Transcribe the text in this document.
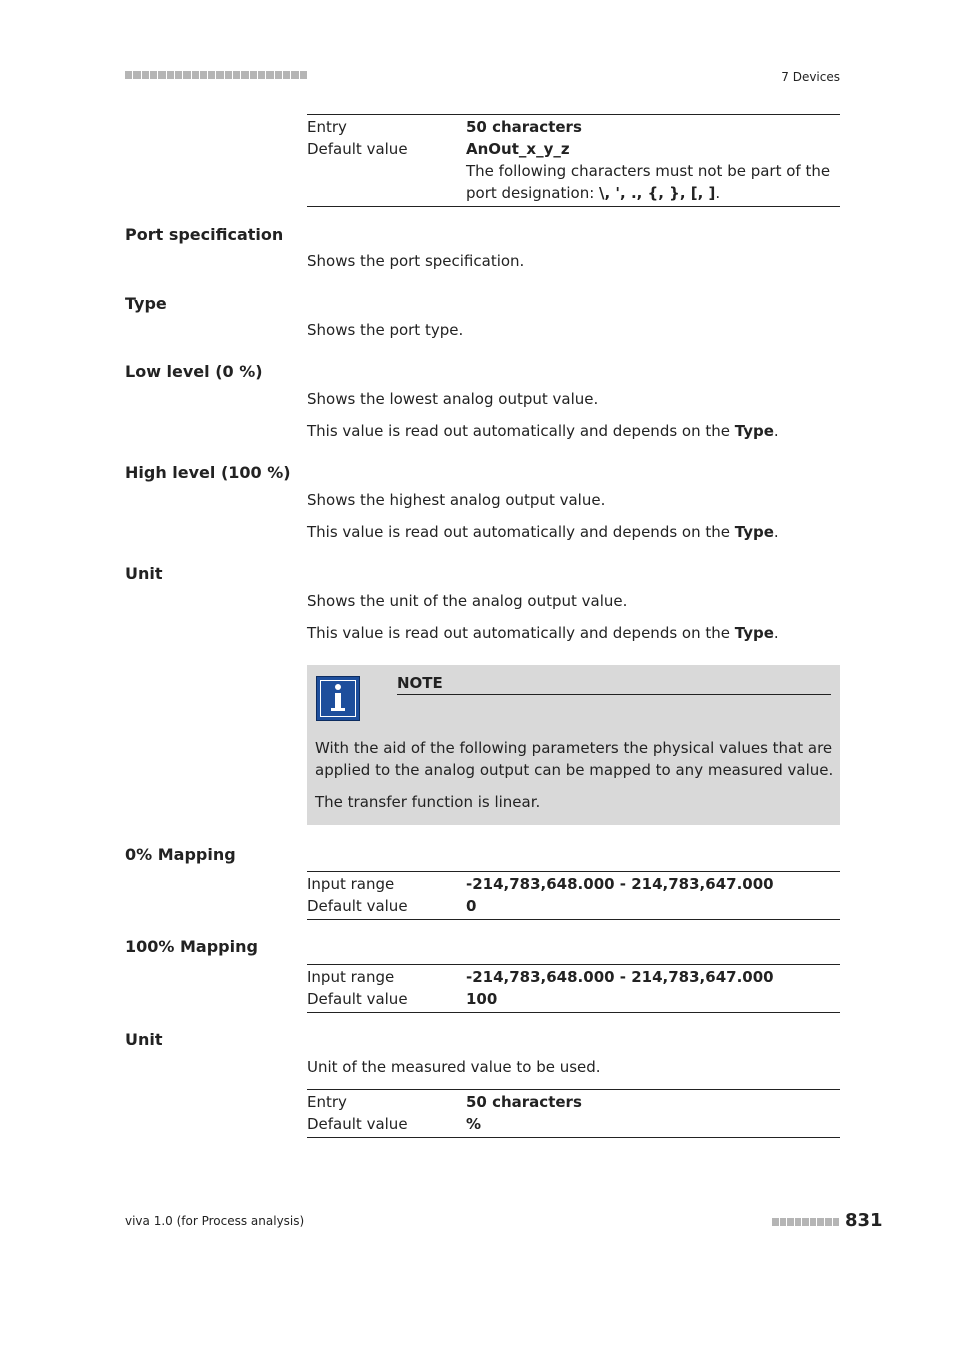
7 Devices
Entry	50 characters
Default value	AnOut_x_y_z
The following characters must not be part of the
port designation: \, ', ., {, }, [, ].
Port specification
Shows the port specification.
Type
Shows the port type.
Low level (0 %)
Shows the lowest analog output value.
This value is read out automatically and depends on the Type.
High level (100 %)
Shows the highest analog output value.
This value is read out automatically and depends on the Type.
Unit
Shows the unit of the analog output value.
This value is read out automatically and depends on the Type.
NOTE
With the aid of the following parameters the physical values that are
applied to the analog output can be mapped to any measured value.
The transfer function is linear.
0% Mapping
Input range	-214,783,648.000 - 214,783,647.000
Default value	0
100% Mapping
Input range	-214,783,648.000 - 214,783,647.000
Default value	100
Unit
Unit of the measured value to be used.
Entry	50 characters
Default value	%
viva 1.0 (for Process analysis)	831
